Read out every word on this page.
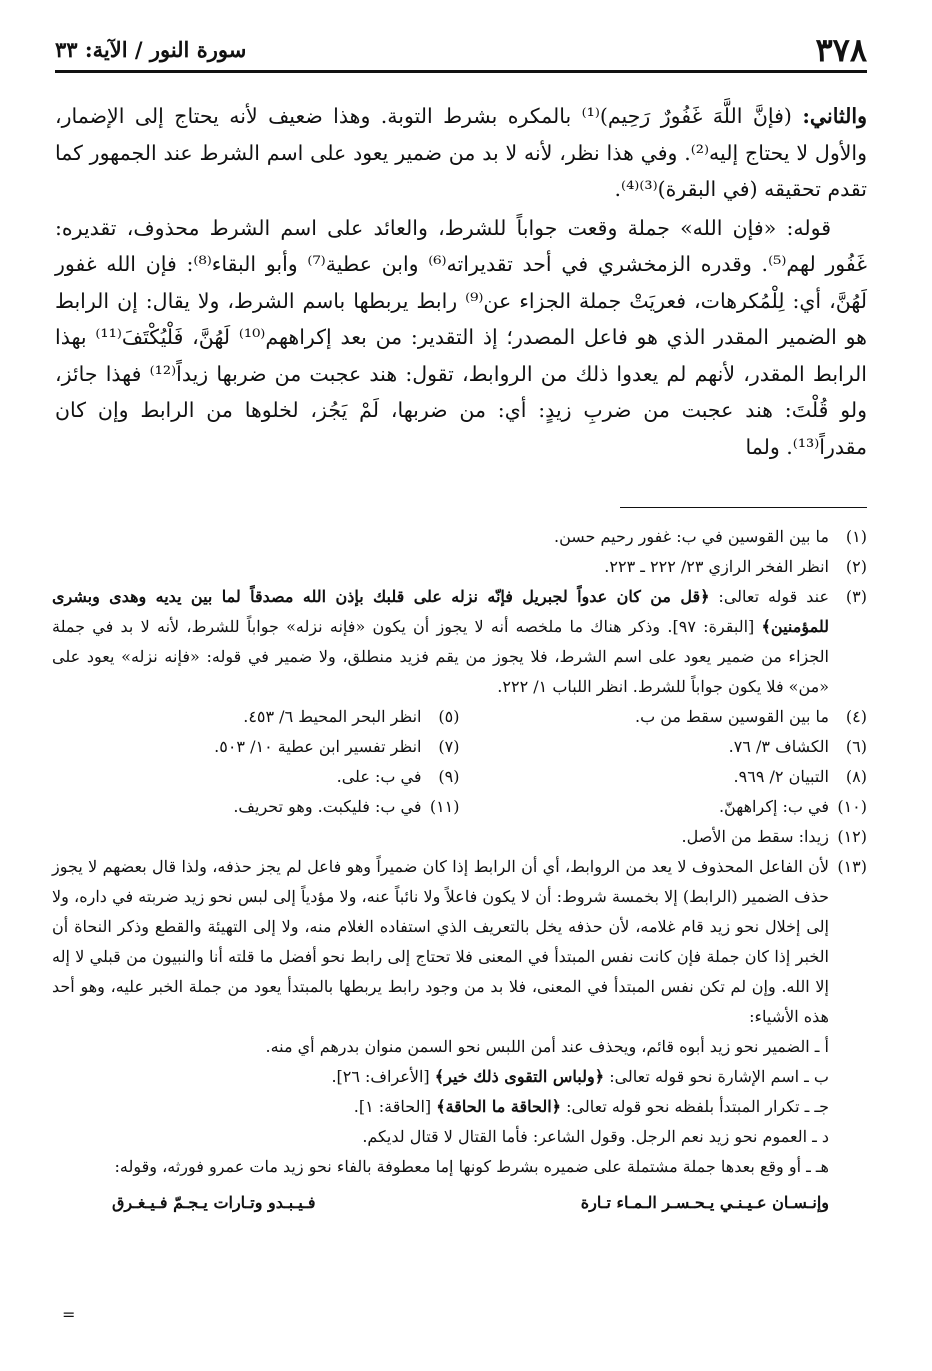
٣٧٨
سورة النور / الآية: ٣٣

والثاني: (فإنَّ اللَّهَ غَفُورٌ رَحِيم)⁽¹⁾ بالمكره بشرط التوبة. وهذا ضعيف لأنه يحتاج إلى الإضمار، والأول لا يحتاج إليه⁽²⁾. وفي هذا نظر، لأنه لا بد من ضمير يعود على اسم الشرط عند الجمهور كما تقدم تحقيقه (في البقرة)⁽³⁾⁽⁴⁾.

قوله: «فإن الله» جملة وقعت جواباً للشرط، والعائد على اسم الشرط محذوف، تقديره: غَفُور لهم⁽⁵⁾. وقدره الزمخشري في أحد تقديراته⁽⁶⁾ وابن عطية⁽⁷⁾ وأبو البقاء⁽⁸⁾: فإن الله غفور لَهُنَّ، أي: لِلْمُكرهات، فعريَتْ جملة الجزاء عن⁽⁹⁾ رابط يربطها باسم الشرط، ولا يقال: إن الرابط هو الضمير المقدر الذي هو فاعل المصدر؛ إذ التقدير: من بعد إكراههم⁽¹⁰⁾ لَهُنَّ، فَلْيُكْتَفَ⁽¹¹⁾ بهذا الرابط المقدر، لأنهم لم يعدوا ذلك من الروابط، تقول: هند عجبت من ضربها زيداً⁽¹²⁾ فهذا جائز، ولو قُلْتَ: هند عجبت من ضربِ زيدٍ: أي: من ضربها، لَمْ يَجُز، لخلوها من الرابط وإن كان مقدراً⁽¹³⁾. ولما

(١)
ما بين القوسين في ب: غفور رحيم حسن.
(٢)
انظر الفخر الرازي ٢٣/ ٢٢٢ ـ ٢٢٣.
(٣)
عند قوله تعالى: ﴿قل من كان عدواً لجبريل فإنّه نزله على قلبك بإذن الله مصدقاً لما بين يديه وهدى وبشرى للمؤمنين﴾ [البقرة: ٩٧]. وذكر هناك ما ملخصه أنه لا يجوز أن يكون «فإنه نزله» جواباً للشرط، لأنه لا بد في جملة الجزاء من ضمير يعود على اسم الشرط، فلا يجوز من يقم فزيد منطلق، ولا ضمير في قوله: «فإنه نزله» يعود على «من» فلا يكون جواباً للشرط. انظر اللباب ١/ ٢٢٢.
(٤)
ما بين القوسين سقط من ب.
(٥)
انظر البحر المحيط ٦/ ٤٥٣.
(٦)
الكشاف ٣/ ٧٦.
(٧)
انظر تفسير ابن عطية ١٠/ ٥٠٣.
(٨)
التبيان ٢/ ٩٦٩.
(٩)
في ب: على.
(١٠)
في ب: إكراههنّ.
(١١)
في ب: فليكبت. وهو تحريف.
(١٢)
زيدا: سقط من الأصل.
(١٣)
لأن الفاعل المحذوف لا يعد من الروابط، أي أن الرابط إذا كان ضميراً وهو فاعل لم يجز حذفه، ولذا قال بعضهم لا يجوز حذف الضمير (الرابط) إلا بخمسة شروط: أن لا يكون فاعلاً ولا نائباً عنه، ولا مؤدياً إلى لبس نحو زيد ضربته في داره، ولا إلى إخلال نحو زيد قام غلامه، لأن حذفه يخل بالتعريف الذي استفاده الغلام منه، ولا إلى التهيئة والقطع وذكر النحاة أن الخبر إذا كان جملة فإن كانت نفس المبتدأ في المعنى فلا تحتاج إلى رابط نحو أفضل ما قلته أنا والنبيون من قبلي لا إله إلا الله. وإن لم تكن نفس المبتدأ في المعنى، فلا بد من وجود رابط يربطها بالمبتدأ يعود من جملة الخبر عليه، وهو أحد هذه الأشياء:
أ ـ الضمير نحو زيد أبوه قائم، ويحذف عند أمن اللبس نحو السمن منوان بدرهم أي منه.
ب ـ اسم الإشارة نحو قوله تعالى: ﴿ولباس التقوى ذلك خير﴾ [الأعراف: ٢٦].
جـ ـ تكرار المبتدأ بلفظه نحو قوله تعالى: ﴿الحاقة ما الحاقة﴾ [الحاقة: ١].
د ـ العموم نحو زيد نعم الرجل. وقول الشاعر: فأما القتال لا قتال لديكم.
هـ ـ أو وقع بعدها جملة مشتملة على ضميره بشرط كونها إما معطوفة بالفاء نحو زيد مات عمرو فورثه، وقوله:
وإنـسـان عـيـنـي يـحـسـر الـمـاء تـارة
فـيـبـدو وتـارات يـجـمّ فـيـغـرق
=
